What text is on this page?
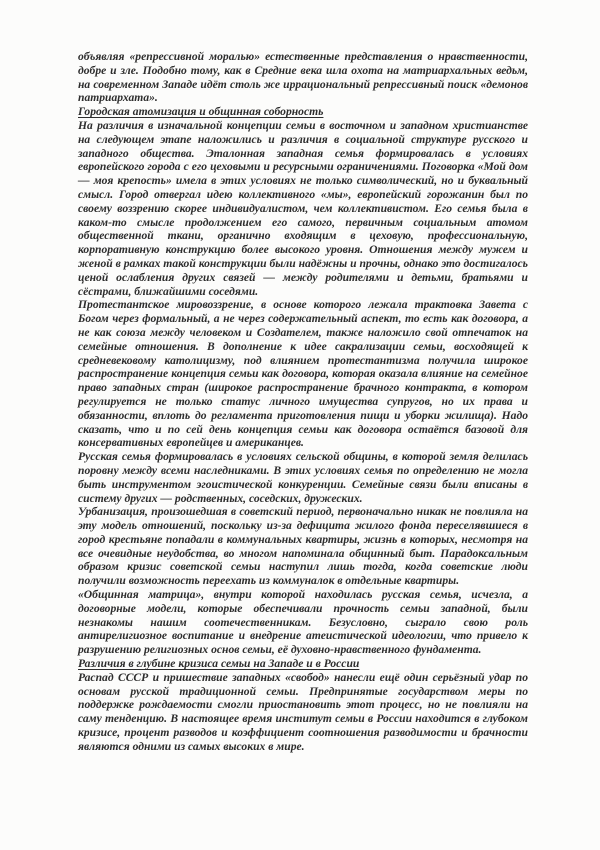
объявляя «репрессивной моралью» естественные представления о нравственности, добре и зле. Подобно тому, как в Средние века шла охота на матриархальных ведьм, на современном Западе идёт столь же иррациональный репрессивный поиск «демонов патриархата».

Городская атомизация и общинная соборность

На различия в изначальной концепции семьи в восточном и западном христианстве на следующем этапе наложились и различия в социальной структуре русского и западного общества. Эталонная западная семья формировалась в условиях европейского города с его цеховыми и ресурсными ограничениями. Поговорка «Мой дом — моя крепость» имела в этих условиях не только символический, но и буквальный смысл. Город отвергал идею коллективного «мы», европейский горожанин был по своему воззрению скорее индивидуалистом, чем коллективистом. Его семья была в каком-то смысле продолжением его самого, первичным социальным атомом общественной ткани, органично входящим в цеховую, профессиональную, корпоративную конструкцию более высокого уровня. Отношения между мужем и женой в рамках такой конструкции были надёжны и прочны, однако это достигалось ценой ослабления других связей — между родителями и детьми, братьями и сёстрами, ближайшими соседями.

Протестантское мировоззрение, в основе которого лежала трактовка Завета с Богом через формальный, а не через содержательный аспект, то есть как договора, а не как союза между человеком и Создателем, также наложило свой отпечаток на семейные отношения. В дополнение к идее сакрализации семьи, восходящей к средневековому католицизму, под влиянием протестантизма получила широкое распространение концепция семьи как договора, которая оказала влияние на семейное право западных стран (широкое распространение брачного контракта, в котором регулируется не только статус личного имущества супругов, но их права и обязанности, вплоть до регламента приготовления пищи и уборки жилища). Надо сказать, что и по сей день концепция семьи как договора остаётся базовой для консервативных европейцев и американцев.

Русская семья формировалась в условиях сельской общины, в которой земля делилась поровну между всеми наследниками. В этих условиях семья по определению не могла быть инструментом эгоистической конкуренции. Семейные связи были вписаны в систему других — родственных, соседских, дружеских.

Урбанизация, произошедшая в советский период, первоначально никак не повлияла на эту модель отношений, поскольку из-за дефицита жилого фонда переселявшиеся в город крестьяне попадали в коммунальных квартиры, жизнь в которых, несмотря на все очевидные неудобства, во многом напоминала общинный быт. Парадоксальным образом кризис советской семьи наступил лишь тогда, когда советские люди получили возможность переехать из коммуналок в отдельные квартиры.

«Общинная матрица», внутри которой находилась русская семья, исчезла, а договорные модели, которые обеспечивали прочность семьи западной, были незнакомы нашим соотечественникам. Безусловно, сыграло свою роль антирелигиозное воспитание и внедрение атеистической идеологии, что привело к разрушению религиозных основ семьи, её духовно-нравственного фундамента.

Различия в глубине кризиса семьи на Западе и в России

Распад СССР и пришествие западных «свобод» нанесли ещё один серьёзный удар по основам русской традиционной семьи. Предпринятые государством меры по поддержке рождаемости смогли приостановить этот процесс, но не повлияли на саму тенденцию. В настоящее время институт семьи в России находится в глубоком кризисе, процент разводов и коэффициент соотношения разводимости и брачности являются одними из самых высоких в мире.
